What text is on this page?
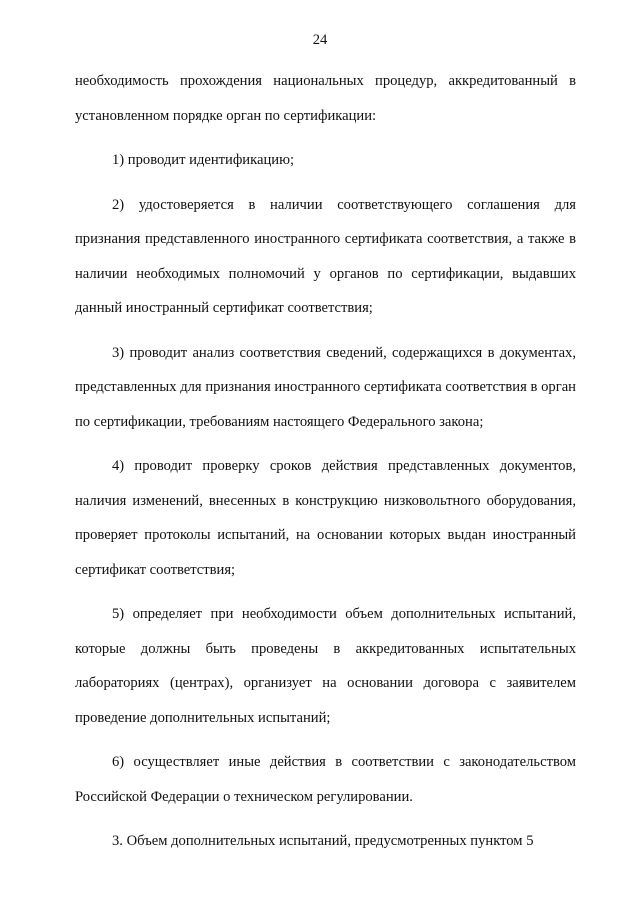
24

необходимость прохождения национальных процедур, аккредитованный в установленном порядке орган по сертификации:

1) проводит идентификацию;

2) удостоверяется в наличии соответствующего соглашения для признания представленного иностранного сертификата соответствия, а также в наличии необходимых полномочий у органов по сертификации, выдавших данный иностранный сертификат соответствия;

3) проводит анализ соответствия сведений, содержащихся в документах, представленных для признания иностранного сертификата соответствия в орган по сертификации, требованиям настоящего Федерального закона;

4) проводит проверку сроков действия представленных документов, наличия изменений, внесенных в конструкцию низковольтного оборудования, проверяет протоколы испытаний, на основании которых выдан иностранный сертификат соответствия;

5) определяет при необходимости объем дополнительных испытаний, которые должны быть проведены в аккредитованных испытательных лабораториях (центрах), организует на основании договора с заявителем проведение дополнительных испытаний;

6) осуществляет иные действия в соответствии с законодательством Российской Федерации о техническом регулировании.

3. Объем дополнительных испытаний, предусмотренных пунктом 5
